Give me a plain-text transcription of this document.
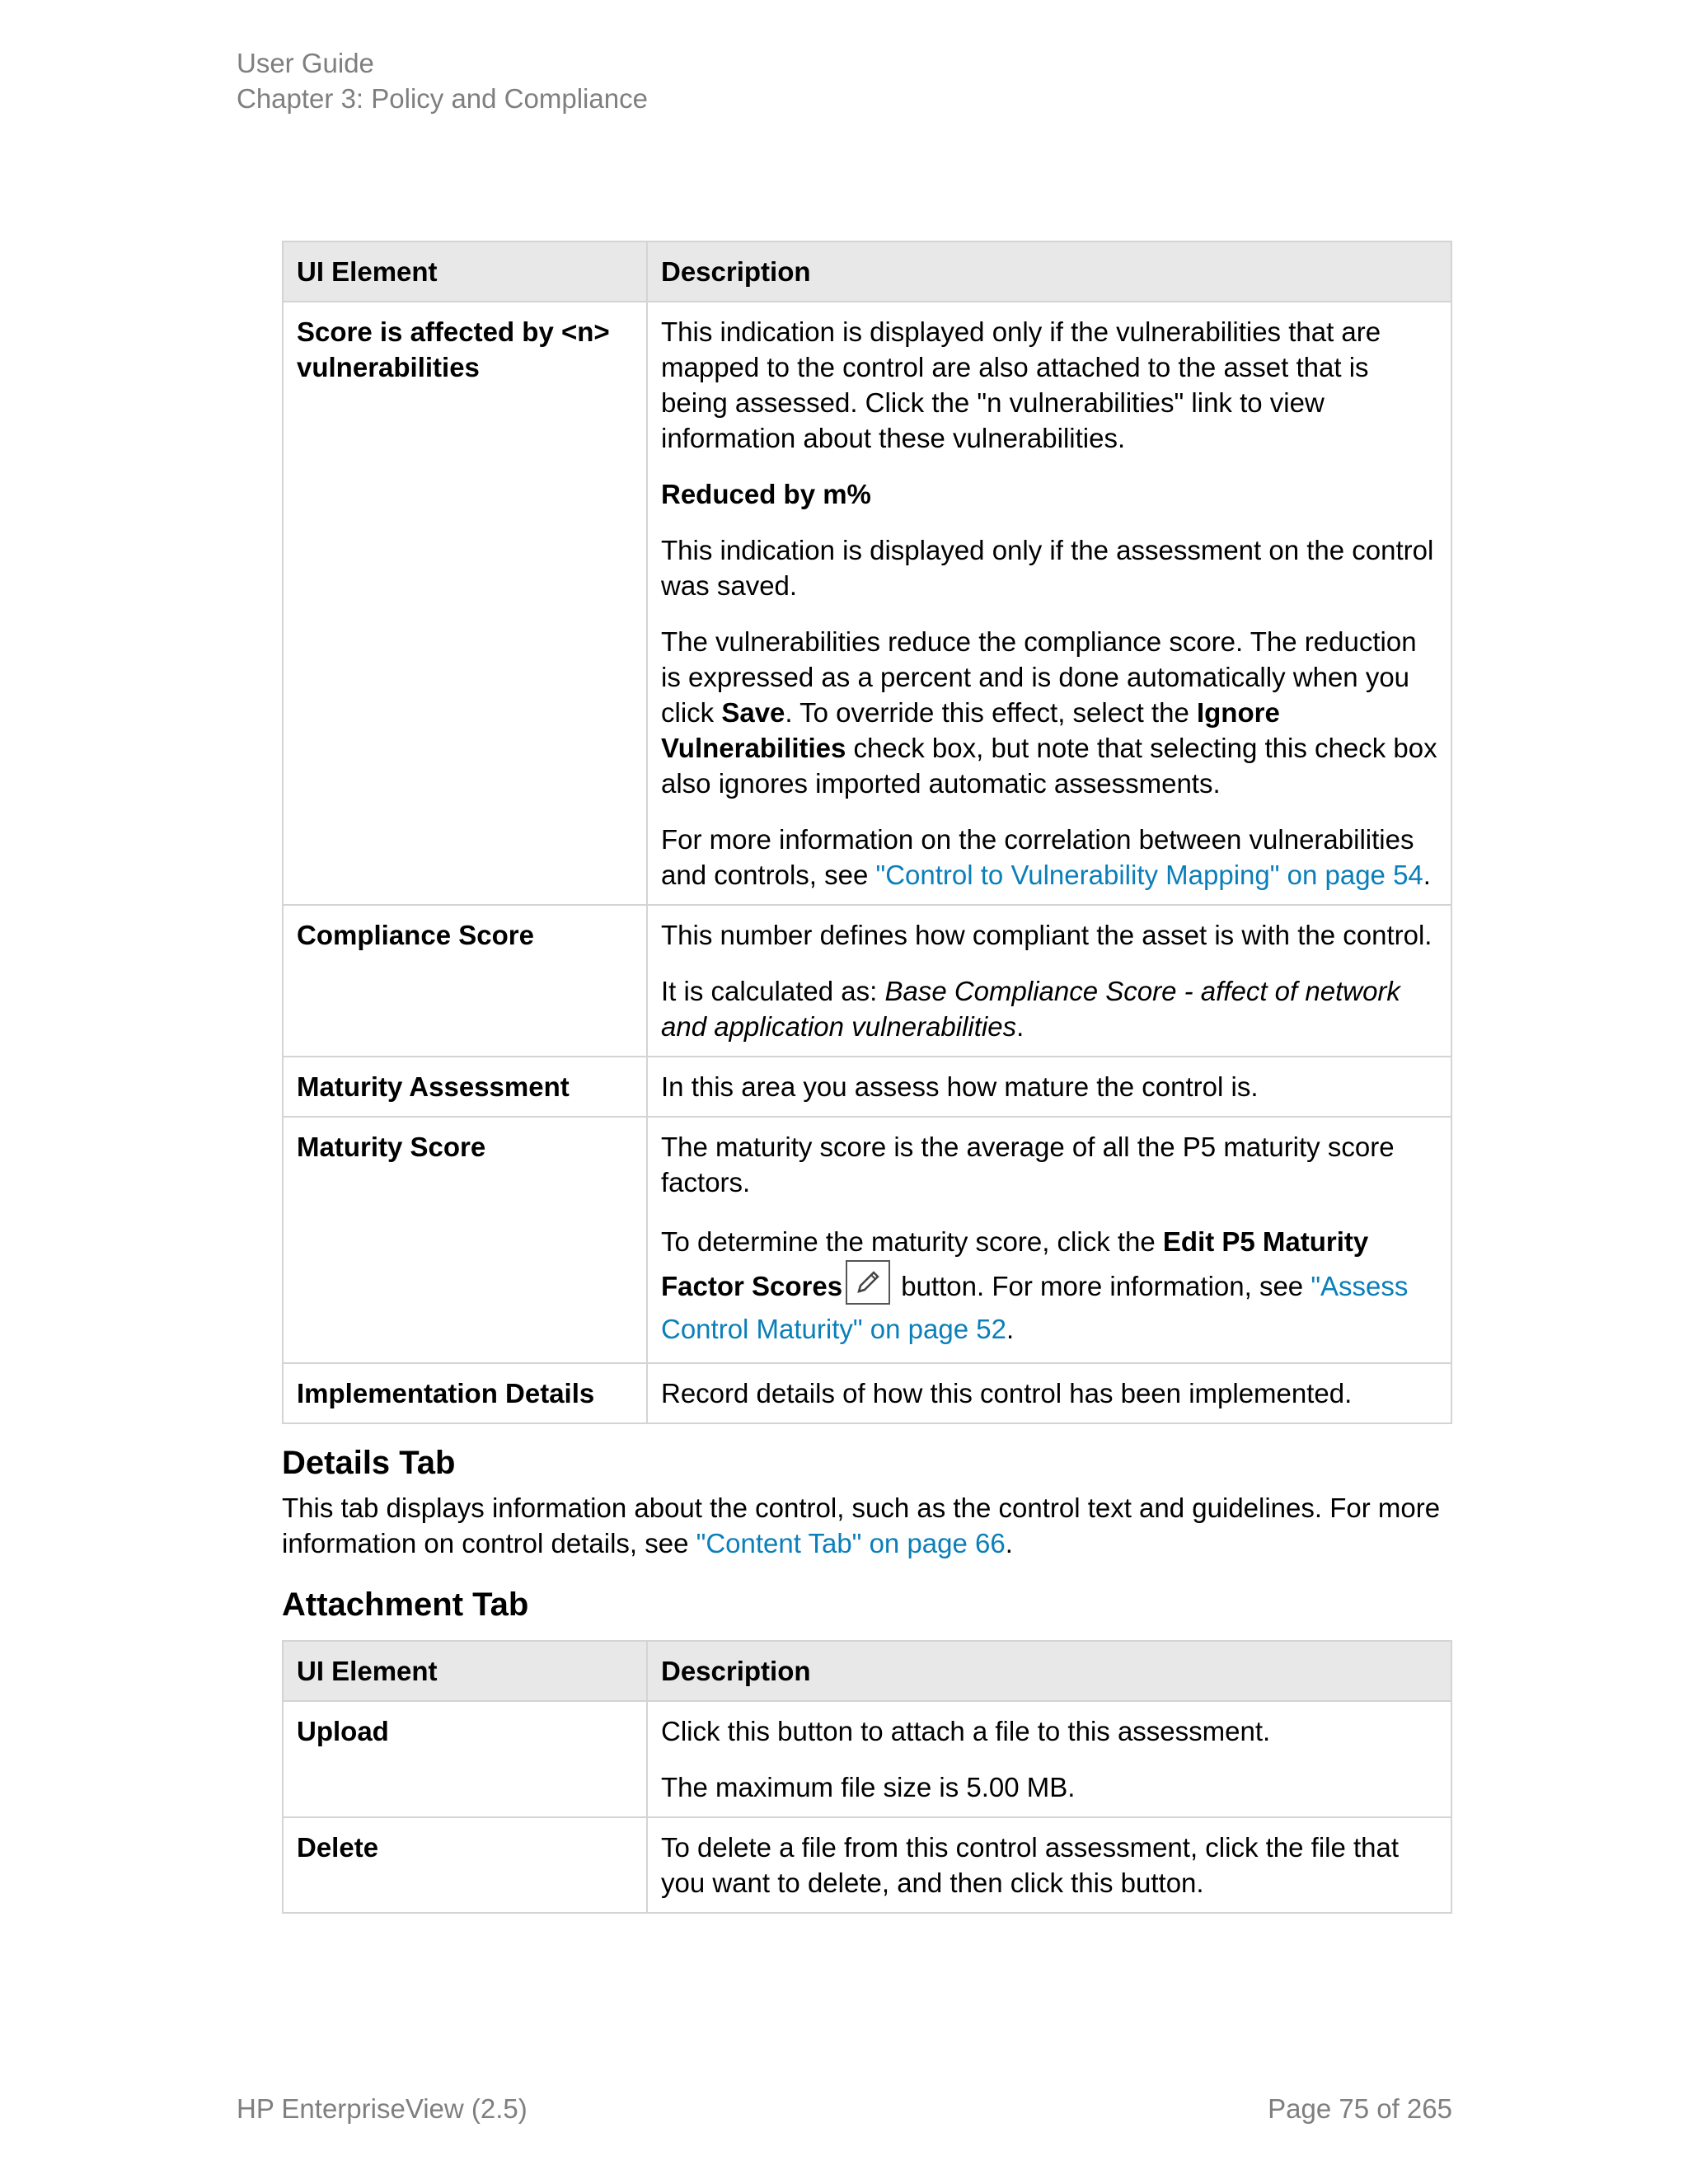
User Guide
Chapter 3: Policy and Compliance
UI Element	Description
Score is affected by <n> vulnerabilities	This indication is displayed only if the vulnerabilities that are mapped to the control are also attached to the asset that is being assessed. Click the "n vulnerabilities" link to view information about these vulnerabilities.

Reduced by m%

This indication is displayed only if the assessment on the control was saved.

The vulnerabilities reduce the compliance score. The reduction is expressed as a percent and is done automatically when you click Save. To override this effect, select the Ignore Vulnerabilities check box, but note that selecting this check box also ignores imported automatic assessments.

For more information on the correlation between vulnerabilities and controls, see "Control to Vulnerability Mapping" on page 54.

Compliance Score	This number defines how compliant the asset is with the control.

It is calculated as: Base Compliance Score - affect of network and application vulnerabilities.

Maturity Assessment	In this area you assess how mature the control is.

Maturity Score	The maturity score is the average of all the P5 maturity score factors.

To determine the maturity score, click the Edit P5 Maturity Factor Scores
button. For more information, see "Assess Control Maturity" on page 52.

Implementation Details	Record details of how this control has been implemented.

Details Tab

This tab displays information about the control, such as the control text and guidelines. For more information on control details, see "Content Tab" on page 66.

Attachment Tab
UI Element	Description
Upload	Click this button to attach a file to this assessment.

The maximum file size is 5.00 MB.

Delete	To delete a file from this control assessment, click the file that you want to delete, and then click this button.

HP EnterpriseView (2.5)	Page 75 of 265
